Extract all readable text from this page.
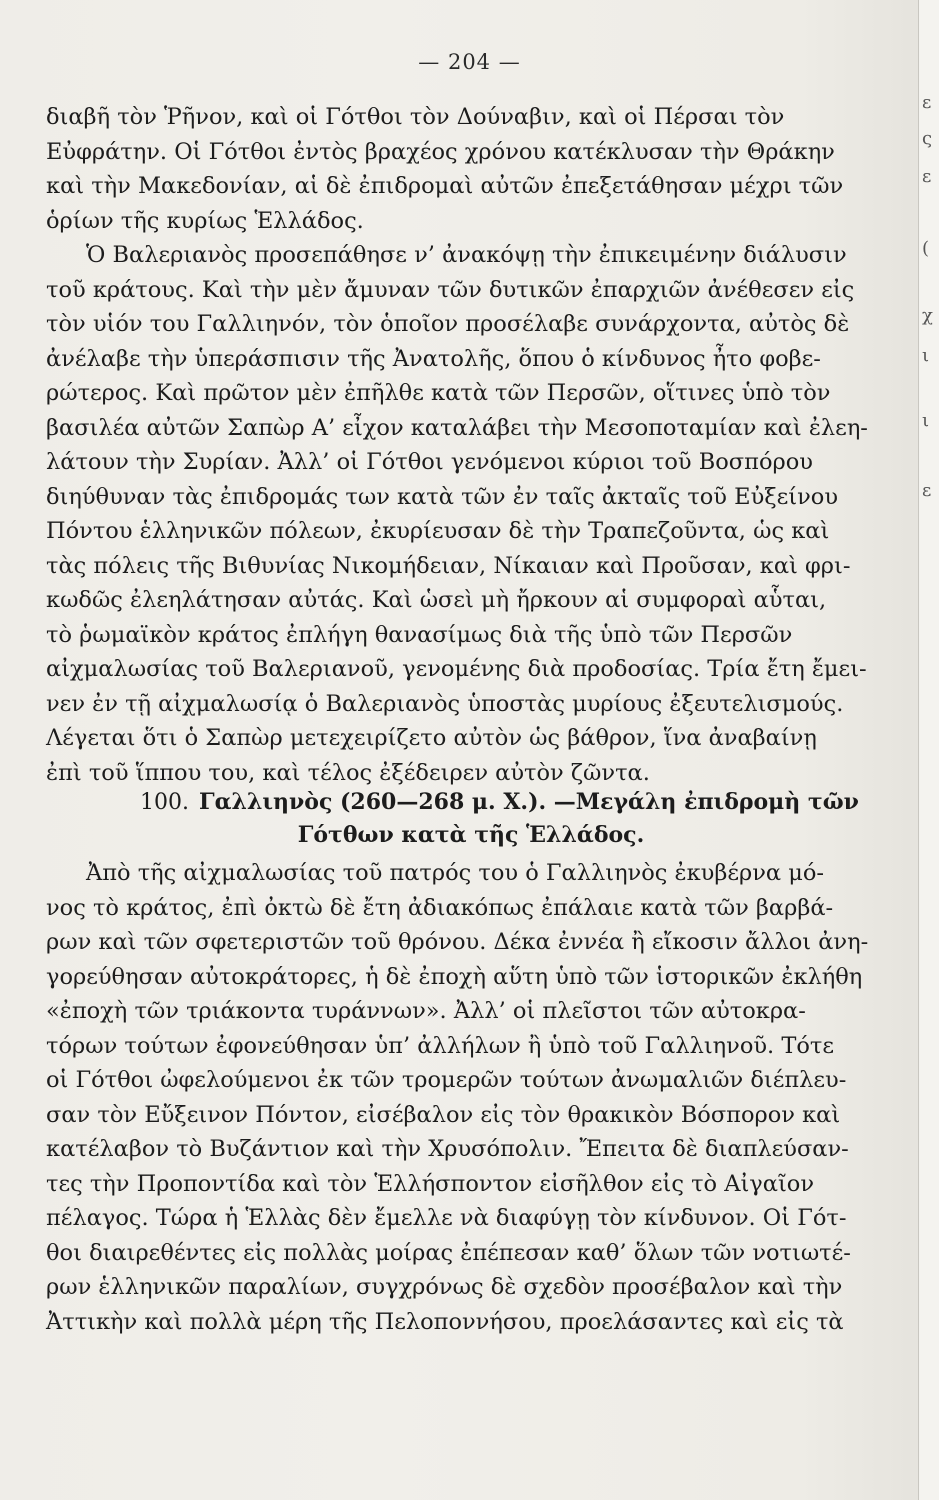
— 204 —
διαβῆ τὸν Ῥῆνον, καὶ οἱ Γότθοι τὸν Δούναβιν, καὶ οἱ Πέρσαι τὸν
Εὐφράτην. Οἱ Γότθοι ἐντὸς βραχέος χρόνου κατέκλυσαν τὴν Θράκην
καὶ τὴν Μακεδονίαν, αἱ δὲ ἐπιδρομαὶ αὐτῶν ἐπεξετάθησαν μέχρι τῶν
ὁρίων τῆς κυρίως Ἑλλάδος.
Ὁ Βαλεριανὸς προσεπάθησε ν’ ἀνακόψῃ τὴν ἐπικειμένην διάλυσιν
τοῦ κράτους. Καὶ τὴν μὲν ἄμυναν τῶν δυτικῶν ἐπαρχιῶν ἀνέθεσεν εἰς
τὸν υἱόν του Γαλλιηνόν, τὸν ὁποῖον προσέλαβε συνάρχοντα, αὐτὸς δὲ
ἀνέλαβε τὴν ὑπεράσπισιν τῆς Ἀνατολῆς, ὅπου ὁ κίνδυνος ἦτο φοβε-
ρώτερος. Καὶ πρῶτον μὲν ἐπῆλθε κατὰ τῶν Περσῶν, οἵτινες ὑπὸ τὸν
βασιλέα αὐτῶν Σαπὼρ Α’ εἶχον καταλάβει τὴν Μεσοποταμίαν καὶ ἐλεη-
λάτουν τὴν Συρίαν. Ἀλλ’ οἱ Γότθοι γενόμενοι κύριοι τοῦ Βοσπόρου
διηύθυναν τὰς ἐπιδρομάς των κατὰ τῶν ἐν ταῖς ἀκταῖς τοῦ Εὐξείνου
Πόντου ἑλληνικῶν πόλεων, ἐκυρίευσαν δὲ τὴν Τραπεζοῦντα, ὡς καὶ
τὰς πόλεις τῆς Βιθυνίας Νικομήδειαν, Νίκαιαν καὶ Προῦσαν, καὶ φρι-
κωδῶς ἐλεηλάτησαν αὐτάς. Καὶ ὡσεὶ μὴ ἤρκουν αἱ συμφοραὶ αὗται,
τὸ ῥωμαϊκὸν κράτος ἐπλήγη θανασίμως διὰ τῆς ὑπὸ τῶν Περσῶν
αἰχμαλωσίας τοῦ Βαλεριανοῦ, γενομένης διὰ προδοσίας. Τρία ἔτη ἔμει-
νεν ἐν τῇ αἰχμαλωσίᾳ ὁ Βαλεριανὸς ὑποστὰς μυρίους ἐξευτελισμούς.
Λέγεται ὅτι ὁ Σαπὼρ μετεχειρίζετο αὐτὸν ὡς βάθρον, ἵνα ἀναβαίνῃ
ἐπὶ τοῦ ἵππου του, καὶ τέλος ἐξέδειρεν αὐτὸν ζῶντα.
100. Γαλλιηνὸς (260—268 μ. Χ.). —Μεγάλη ἐπιδρομὴ τῶν
Γότθων κατὰ τῆς Ἑλλάδος.
Ἀπὸ τῆς αἰχμαλωσίας τοῦ πατρός του ὁ Γαλλιηνὸς ἐκυβέρνα μό-
νος τὸ κράτος, ἐπὶ ὀκτὼ δὲ ἔτη ἀδιακόπως ἐπάλαιε κατὰ τῶν βαρβά-
ρων καὶ τῶν σφετεριστῶν τοῦ θρόνου. Δέκα ἐννέα ἢ εἴκοσιν ἄλλοι ἀνη-
γορεύθησαν αὐτοκράτορες, ἡ δὲ ἐποχὴ αὕτη ὑπὸ τῶν ἱστορικῶν ἐκλήθη
«ἐποχὴ τῶν τριάκοντα τυράννων». Ἀλλ’ οἱ πλεῖστοι τῶν αὐτοκρα-
τόρων τούτων ἐφονεύθησαν ὑπ’ ἀλλήλων ἢ ὑπὸ τοῦ Γαλλιηνοῦ. Τότε
οἱ Γότθοι ὠφελούμενοι ἐκ τῶν τρομερῶν τούτων ἀνωμαλιῶν διέπλευ-
σαν τὸν Εὔξεινον Πόντον, εἰσέβαλον εἰς τὸν θρακικὸν Βόσπορον καὶ
κατέλαβον τὸ Βυζάντιον καὶ τὴν Χρυσόπολιν. Ἔπειτα δὲ διαπλεύσαν-
τες τὴν Προποντίδα καὶ τὸν Ἑλλήσποντον εἰσῆλθον εἰς τὸ Αἰγαῖον
πέλαγος. Τώρα ἡ Ἑλλὰς δὲν ἔμελλε νὰ διαφύγῃ τὸν κίνδυνον. Οἱ Γότ-
θοι διαιρεθέντες εἰς πολλὰς μοίρας ἐπέπεσαν καθ’ ὅλων τῶν νοτιωτέ-
ρων ἑλληνικῶν παραλίων, συγχρόνως δὲ σχεδὸν προσέβαλον καὶ τὴν
Ἀττικὴν καὶ πολλὰ μέρη τῆς Πελοποννήσου, προελάσαντες καὶ εἰς τὰ
ε
ς
ε
(
χ
ι
ι
ε
